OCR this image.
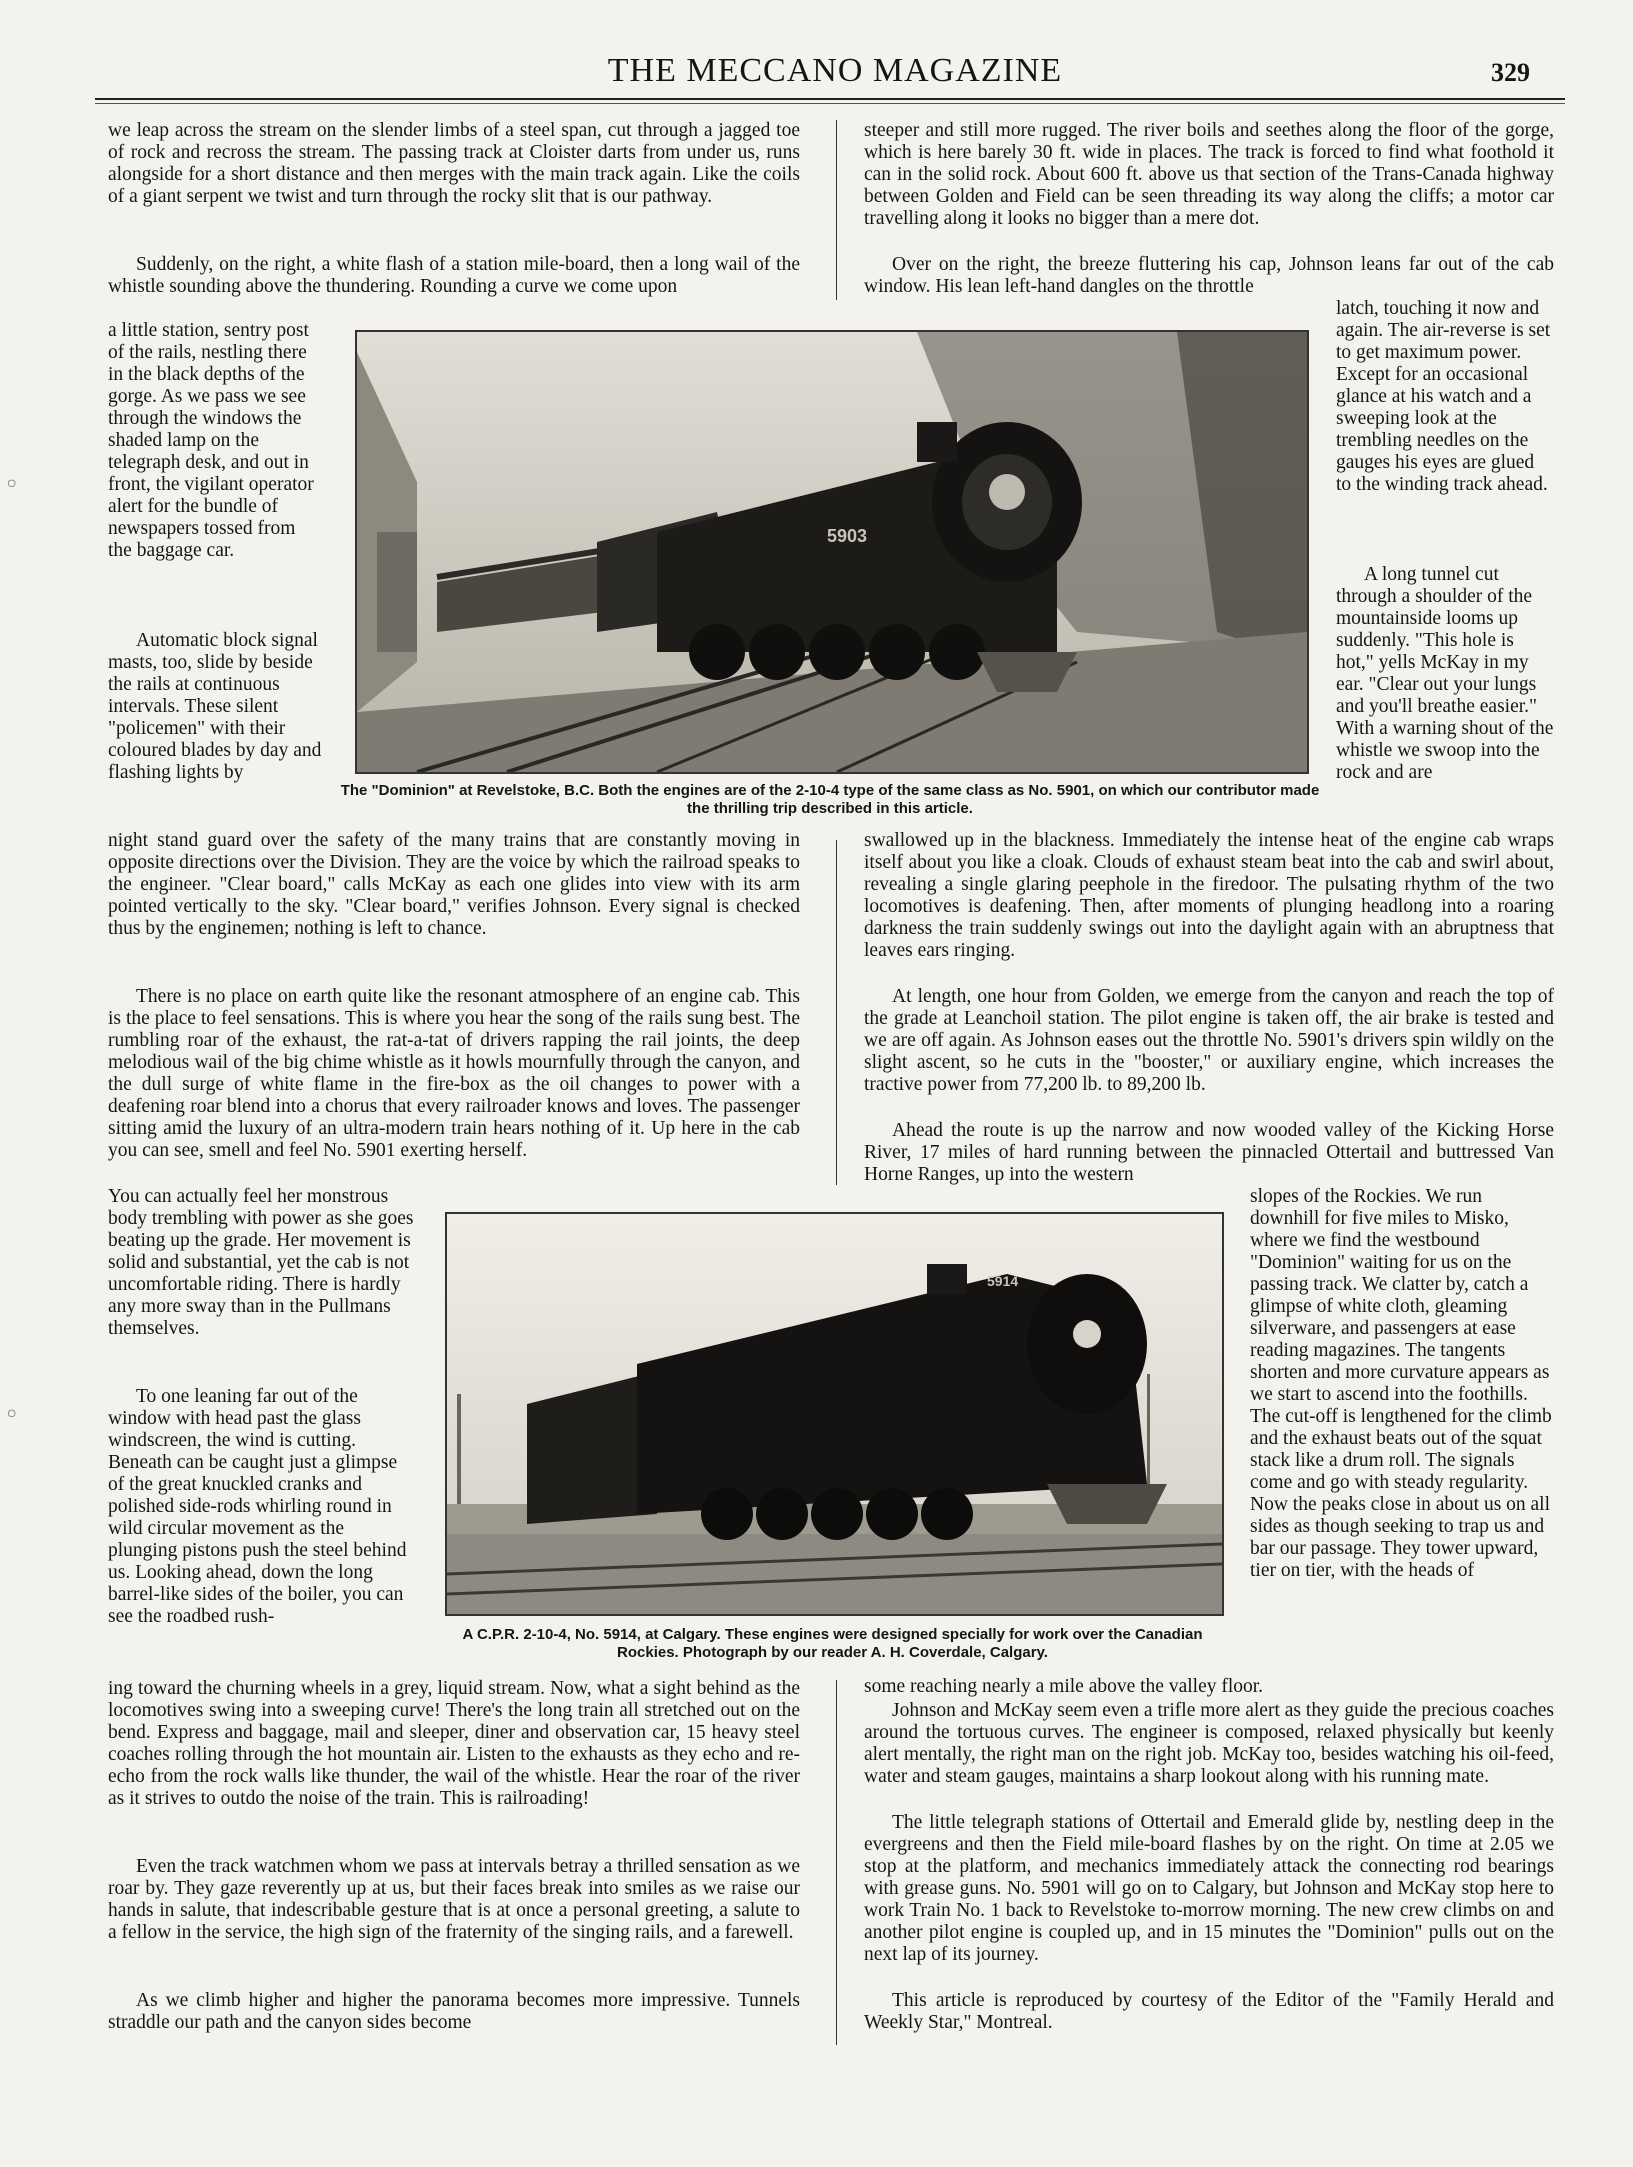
THE MECCANO MAGAZINE	329
◦
◦

we leap across the stream on the slender limbs of a steel span, cut through a jagged toe of rock and recross the stream. The passing track at Cloister darts from under us, runs alongside for a short distance and then merges with the main track again. Like the coils of a giant serpent we twist and turn through the rocky slit that is our pathway.

Suddenly, on the right, a white flash of a station mile-board, then a long wail of the whistle sounding above the thundering. Rounding a curve we come upon

a little station, sentry post of the rails, nestling there in the black depths of the gorge. As we pass we see through the windows the shaded lamp on the telegraph desk, and out in front, the vigilant operator alert for the bundle of newspapers tossed from the baggage car.

Automatic block signal masts, too, slide by beside the rails at continuous intervals. These silent "policemen" with their coloured blades by day and flashing lights by

night stand guard over the safety of the many trains that are constantly moving in opposite directions over the Division. They are the voice by which the railroad speaks to the engineer. "Clear board," calls McKay as each one glides into view with its arm pointed vertically to the sky. "Clear board," verifies Johnson. Every signal is checked thus by the enginemen; nothing is left to chance.

There is no place on earth quite like the resonant atmosphere of an engine cab. This is the place to feel sensations. This is where you hear the song of the rails sung best. The rumbling roar of the exhaust, the rat-a-tat of drivers rapping the rail joints, the deep melodious wail of the big chime whistle as it howls mournfully through the canyon, and the dull surge of white flame in the fire-box as the oil changes to power with a deafening roar blend into a chorus that every railroader knows and loves. The passenger sitting amid the luxury of an ultra-modern train hears nothing of it. Up here in the cab you can see, smell and feel No. 5901 exerting herself.

You can actually feel her monstrous body trembling with power as she goes beating up the grade. Her movement is solid and substantial, yet the cab is not uncomfortable riding. There is hardly any more sway than in the Pullmans themselves.

To one leaning far out of the window with head past the glass windscreen, the wind is cutting. Beneath can be caught just a glimpse of the great knuckled cranks and polished side-rods whirling round in wild circular movement as the plunging pistons push the steel behind us. Looking ahead, down the long barrel-like sides of the boiler, you can see the roadbed rush-

ing toward the churning wheels in a grey, liquid stream. Now, what a sight behind as the locomotives swing into a sweeping curve! There's the long train all stretched out on the bend. Express and baggage, mail and sleeper, diner and observation car, 15 heavy steel coaches rolling through the hot mountain air. Listen to the exhausts as they echo and re-echo from the rock walls like thunder, the wail of the whistle. Hear the roar of the river as it strives to outdo the noise of the train. This is railroading!

Even the track watchmen whom we pass at intervals betray a thrilled sensation as we roar by. They gaze reverently up at us, but their faces break into smiles as we raise our hands in salute, that indescribable gesture that is at once a personal greeting, a salute to a fellow in the service, the high sign of the fraternity of the singing rails, and a farewell.

As we climb higher and higher the panorama becomes more impressive. Tunnels straddle our path and the canyon sides become

steeper and still more rugged. The river boils and seethes along the floor of the gorge, which is here barely 30 ft. wide in places. The track is forced to find what foothold it can in the solid rock. About 600 ft. above us that section of the Trans-Canada highway between Golden and Field can be seen threading its way along the cliffs; a motor car travelling along it looks no bigger than a mere dot.

Over on the right, the breeze fluttering his cap, Johnson leans far out of the cab window. His lean left-hand dangles on the throttle

latch, touching it now and again. The air-reverse is set to get maximum power. Except for an occasional glance at his watch and a sweeping look at the trembling needles on the gauges his eyes are glued to the winding track ahead.

A long tunnel cut through a shoulder of the mountainside looms up suddenly. "This hole is hot," yells McKay in my ear. "Clear out your lungs and you'll breathe easier." With a warning shout of the whistle we swoop into the rock and are

swallowed up in the blackness. Immediately the intense heat of the engine cab wraps itself about you like a cloak. Clouds of exhaust steam beat into the cab and swirl about, revealing a single glaring peephole in the firedoor. The pulsating rhythm of the two locomotives is deafening. Then, after moments of plunging headlong into a roaring darkness the train suddenly swings out into the daylight again with an abruptness that leaves ears ringing.

At length, one hour from Golden, we emerge from the canyon and reach the top of the grade at Leanchoil station. The pilot engine is taken off, the air brake is tested and we are off again. As Johnson eases out the throttle No. 5901's drivers spin wildly on the slight ascent, so he cuts in the "booster," or auxiliary engine, which increases the tractive power from 77,200 lb. to 89,200 lb.

Ahead the route is up the narrow and now wooded valley of the Kicking Horse River, 17 miles of hard running between the pinnacled Ottertail and buttressed Van Horne Ranges, up into the western

slopes of the Rockies. We run downhill for five miles to Misko, where we find the westbound "Dominion" waiting for us on the passing track. We clatter by, catch a glimpse of white cloth, gleaming silverware, and passengers at ease reading magazines. The tangents shorten and more curvature appears as we start to ascend into the foothills. The cut-off is lengthened for the climb and the exhaust beats out of the squat stack like a drum roll. The signals come and go with steady regularity. Now the peaks close in about us on all sides as though seeking to trap us and bar our passage. They tower upward, tier on tier, with the heads of

some reaching nearly a mile above the valley floor.

Johnson and McKay seem even a trifle more alert as they guide the precious coaches around the tortuous curves. The engineer is composed, relaxed physically but keenly alert mentally, the right man on the right job. McKay too, besides watching his oil-feed, water and steam gauges, maintains a sharp lookout along with his running mate.

The little telegraph stations of Ottertail and Emerald glide by, nestling deep in the evergreens and then the Field mile-board flashes by on the right. On time at 2.05 we stop at the platform, and mechanics immediately attack the connecting rod bearings with grease guns. No. 5901 will go on to Calgary, but Johnson and McKay stop here to work Train No. 1 back to Revelstoke to-morrow morning. The new crew climbs on and another pilot engine is coupled up, and in 15 minutes the "Dominion" pulls out on the next lap of its journey.

This article is reproduced by courtesy of the Editor of the "Family Herald and Weekly Star," Montreal.

5903
The "Dominion" at Revelstoke, B.C. Both the engines are of the 2-10-4 type of the same class as No. 5901, on which our contributor made the thrilling trip described in this article.
5914
A C.P.R. 2-10-4, No. 5914, at Calgary. These engines were designed specially for work over the Canadian Rockies. Photograph by our reader A. H. Coverdale, Calgary.
